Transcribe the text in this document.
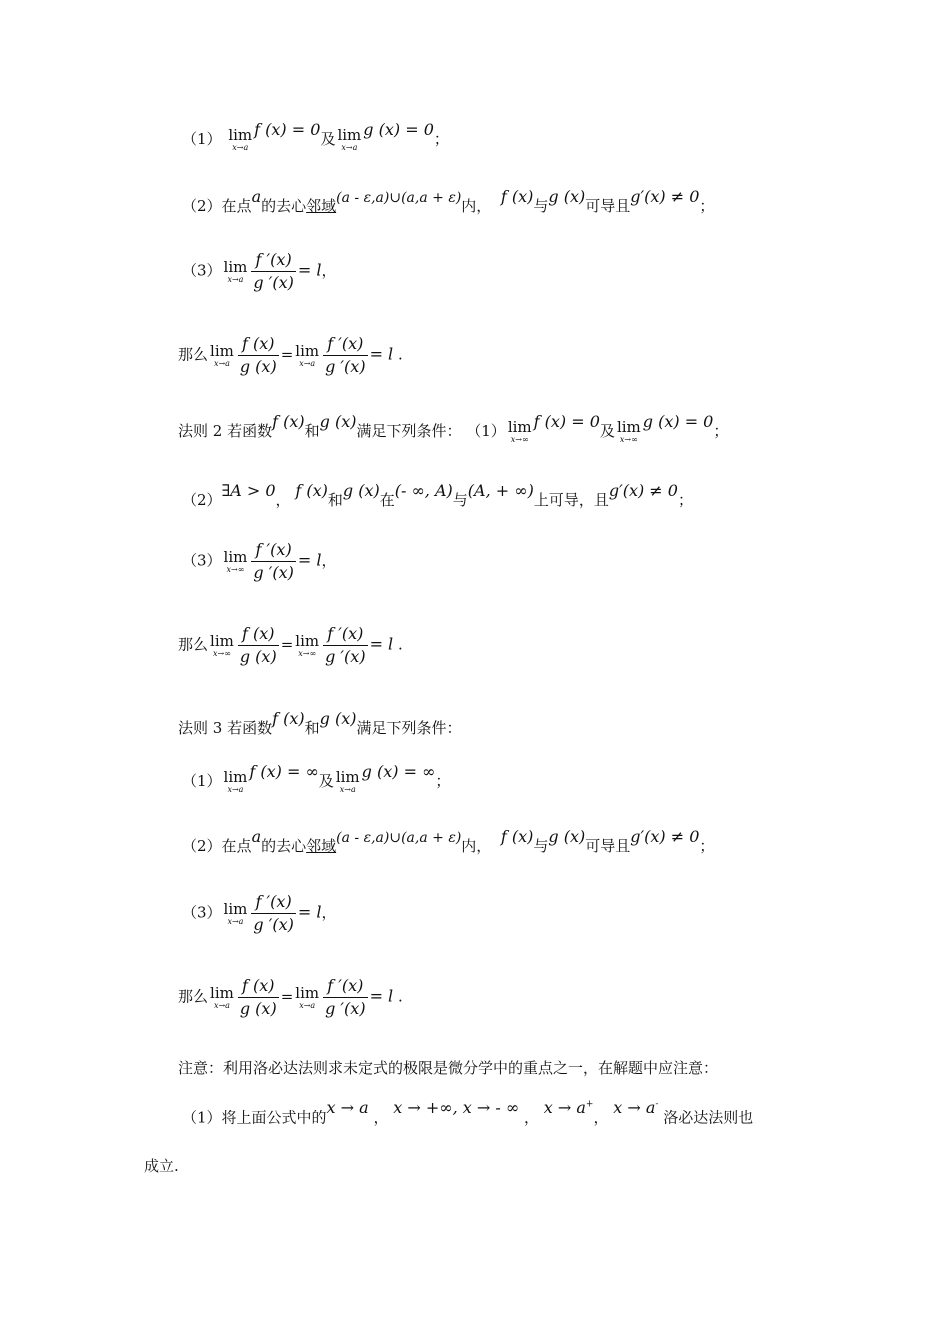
（1） lim
x→a
f (x) = 0及 lim
x→a
g (x) = 0；
（2）在点a的去心邻域(a - ε,a)∪(a,a + ε)内， f (x)与g (x)可导且g′(x) ≠ 0；
（3） lim
$x\to a \frac{f '(x)}{g '(x)} = l$，
那么 lim
$x\to a \frac{f (x)}{g (x)} = \lim$
$x\to a \frac{f '(x)}{g '(x)} = l$ .
法则 2 若函数f (x)和g (x)满足下列条件： （1） lim
x→∞
f (x) = 0及 lim
x→∞
g (x) = 0；
（2）∃A > 0， f (x)和g (x)在(- ∞, A)与(A, + ∞)上可导，且g′(x) ≠ 0；
（3） lim
$x\to\infty \frac{f '(x)}{g '(x)} = l$，
那么 lim
$x\to\infty \frac{f (x)}{g (x)} = \lim$
$x\to\infty \frac{f '(x)}{g '(x)} = l$ .
法则 3 若函数f (x)和g (x)满足下列条件：
（1） lim
x→a
f (x) = ∞及 lim
x→a
g (x) = ∞；
（2）在点a的去心邻域(a - ε,a)∪(a,a + ε)内， f (x)与g (x)可导且g′(x) ≠ 0；
（3） lim
$x\to a \frac{f '(x)}{g '(x)} = l$，
那么 lim
$x\to a \frac{f (x)}{g (x)} = \lim$
$x\to a \frac{f '(x)}{g '(x)} = l$ .
注意：利用洛必达法则求未定式的极限是微分学中的重点之一，在解题中应注意：
（1）将上面公式中的x → a ， x → +∞, x → - ∞ ， x → a+， x → a- 洛必达法则也
成立.
